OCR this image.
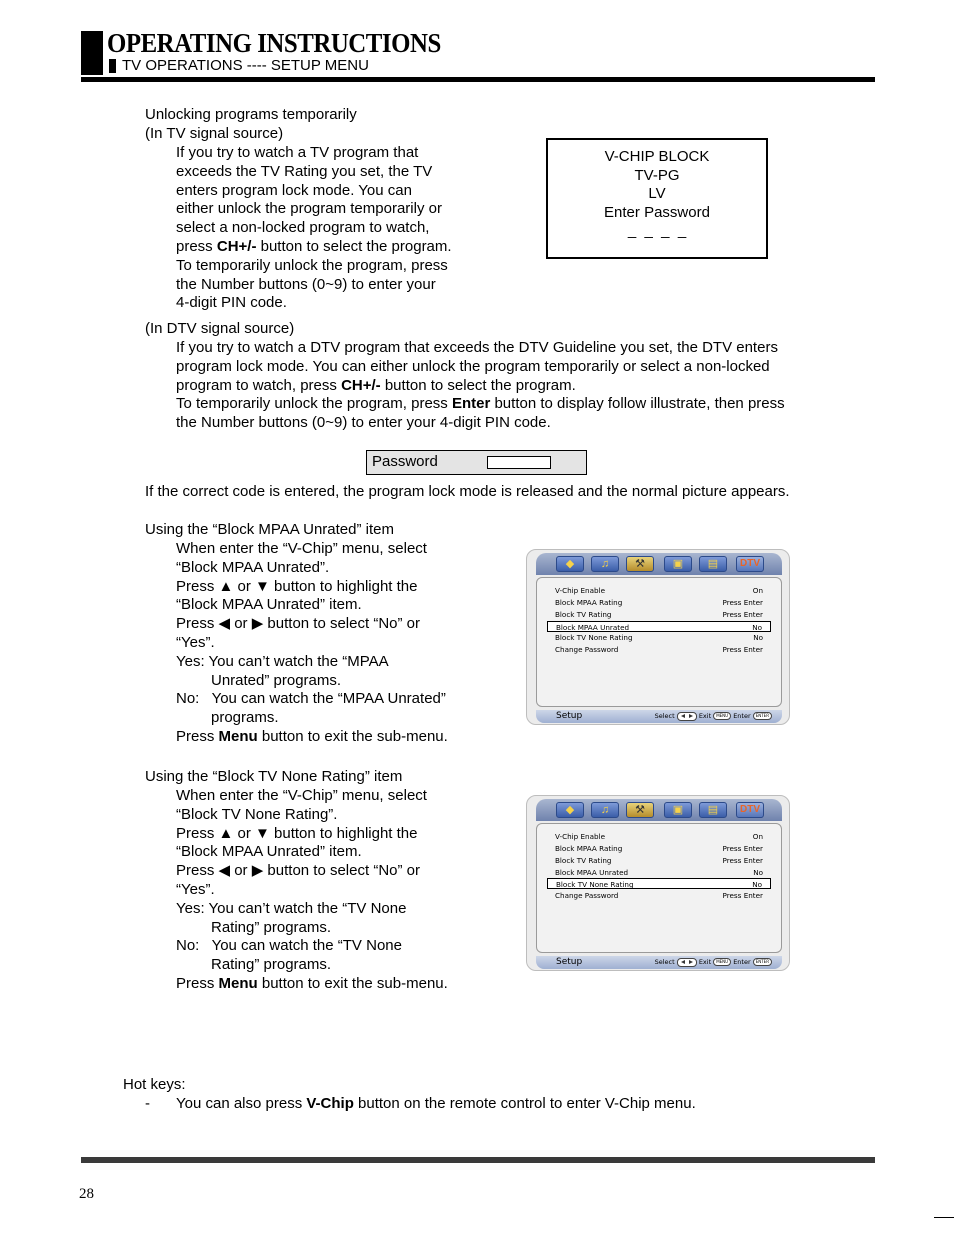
OPERATING INSTRUCTIONS
TV OPERATIONS ---- SETUP MENU

Unlocking programs temporarily

(In TV signal source)

If you try to watch a TV program that

exceeds the TV Rating you set, the TV

enters program lock mode. You can

either unlock the program temporarily or

select a non-locked program to watch,

press CH+/- button to select the program.

To temporarily unlock the program, press

the Number buttons (0~9) to enter your

4-digit PIN code.

V-CHIP BLOCK
TV-PG
LV
Enter Password
_  _  _  _
(In DTV signal source)

If you try to watch a DTV program that exceeds the DTV Guideline you set, the DTV enters

program lock mode. You can either unlock the program temporarily or select a non-locked

program to watch, press CH+/- button to select the program.

To temporarily unlock the program, press Enter button to display follow illustrate, then press

the Number buttons (0~9) to enter your 4-digit PIN code.

Password
If the correct code is entered, the program lock mode is released and the normal picture appears.
Using the “Block MPAA Unrated” item

When enter the “V-Chip” menu, select

“Block MPAA Unrated”.

Press ▲ or ▼ button to highlight the

“Block MPAA Unrated” item.

Press ◀ or ▶ button to select “No” or

“Yes”.

Yes: You can’t watch the “MPAA

Unrated” programs.

No:   You can watch the “MPAA Unrated”

programs.

Press Menu button to exit the sub-menu.

◆	♫	⚒	▣	▤	DTV
V-Chip Enable	On
Block MPAA Rating	Press Enter
Block TV Rating	Press Enter
Block MPAA Unrated	No
Block TV None Rating	No
Change Password	Press Enter
Setup	Select	Exit MENU Enter ENTER
Using the “Block TV None Rating” item

When enter the “V-Chip” menu, select

“Block TV None Rating”.

Press ▲ or ▼ button to highlight the

“Block MPAA Unrated” item.

Press ◀ or ▶ button to select “No” or

“Yes”.

Yes: You can’t watch the “TV None

Rating” programs.

No:   You can watch the “TV None

Rating” programs.

Press Menu button to exit the sub-menu.

◆	♫	⚒	▣	▤	DTV
V-Chip Enable	On
Block MPAA Rating	Press Enter
Block TV Rating	Press Enter
Block MPAA Unrated	No
Block TV None Rating	No
Change Password	Press Enter
Setup	Select	Exit MENU Enter ENTER
Hot keys:
- You can also press V-Chip button on the remote control to enter V-Chip menu.
28
